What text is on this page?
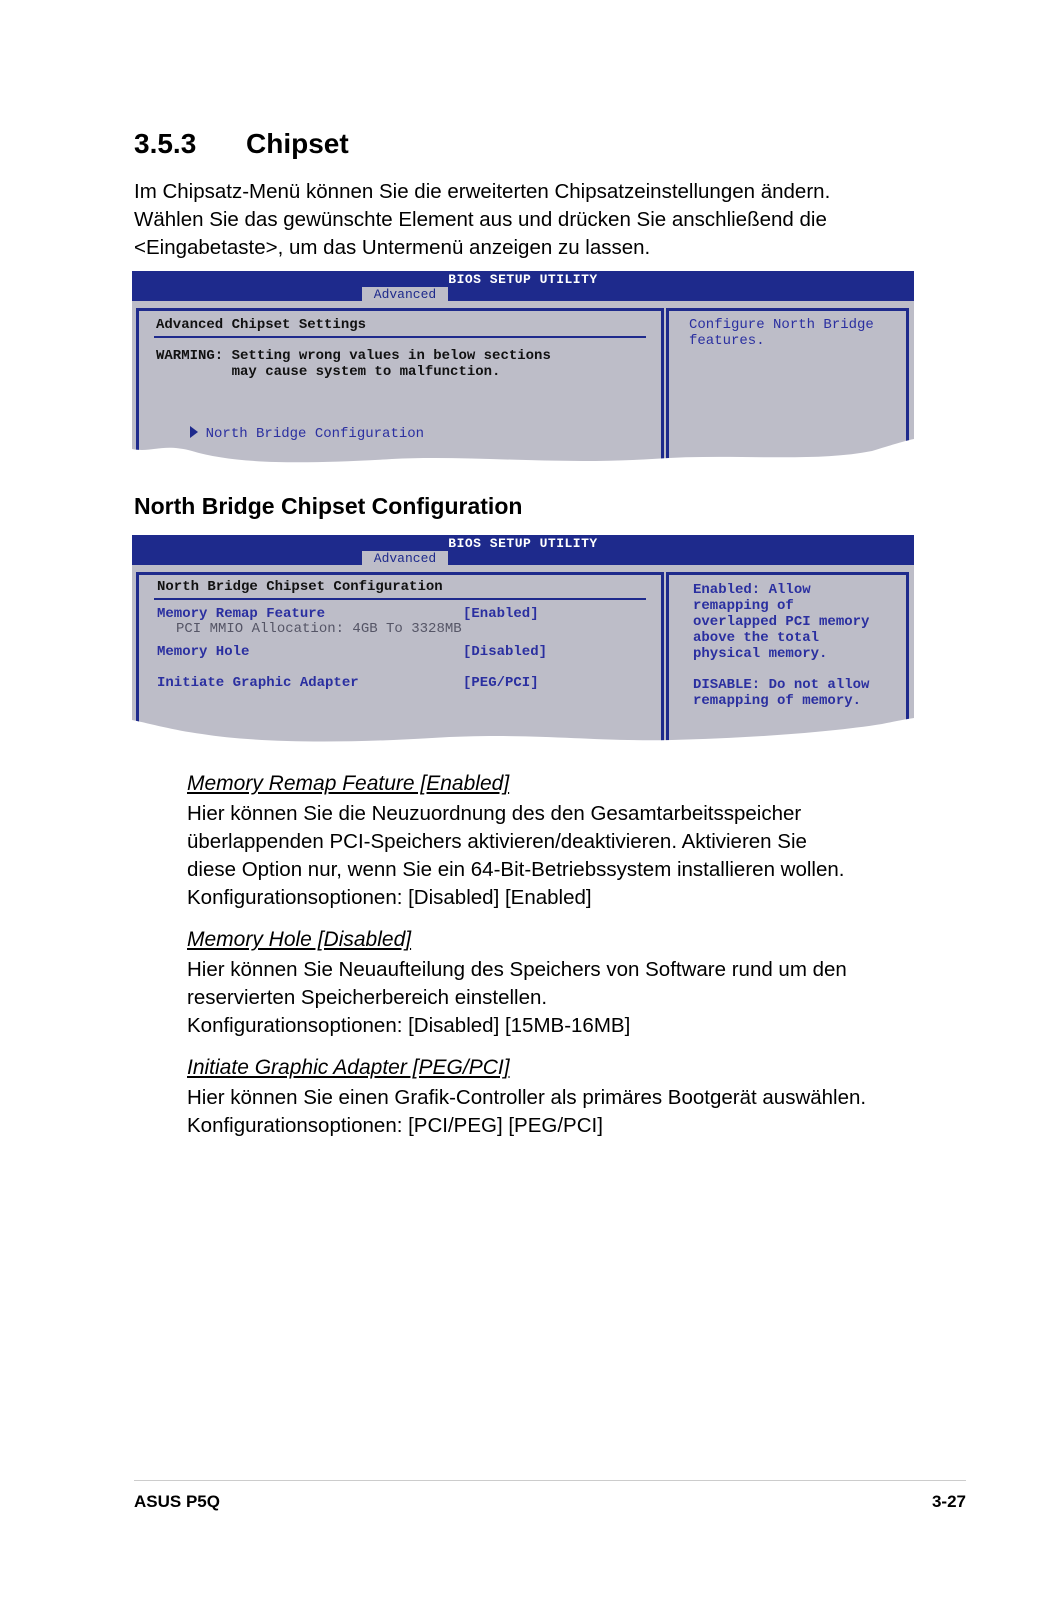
3.5.3 Chipset
Im Chipsatz-Menü können Sie die erweiterten Chipsatzeinstellungen ändern.
Wählen Sie das gewünschte Element aus und drücken Sie anschließend die
<Eingabetaste>, um das Untermenü anzeigen zu lassen.
BIOS SETUP UTILITY
Advanced
Advanced Chipset Settings
WARMING: Setting wrong values in below sections
may cause system to malfunction.

North Bridge Configuration

Configure North Bridge
features.
North Bridge Chipset Configuration
BIOS SETUP UTILITY
Advanced
North Bridge Chipset Configuration
Memory Remap Feature	[Enabled]
PCI MMIO Allocation: 4GB To 3328MB
Memory Hole	[Disabled]
Initiate Graphic Adapter	[PEG/PCI]
Enabled: Allow
remapping of
overlapped PCI memory
above the total
physical memory.
DISABLE: Do not allow
remapping of memory.
Memory Remap Feature [Enabled]
Hier können Sie die Neuzuordnung des den Gesamtarbeitsspeicher
überlappenden PCI-Speichers aktivieren/deaktivieren. Aktivieren Sie
diese Option nur, wenn Sie ein 64-Bit-Betriebssystem installieren wollen.
Konfigurationsoptionen: [Disabled] [Enabled]
Memory Hole [Disabled]
Hier können Sie Neuaufteilung des Speichers von Software rund um den
reservierten Speicherbereich einstellen.
Konfigurationsoptionen: [Disabled] [15MB-16MB]
Initiate Graphic Adapter [PEG/PCI]
Hier können Sie einen Grafik-Controller als primäres Bootgerät auswählen.
Konfigurationsoptionen: [PCI/PEG] [PEG/PCI]
ASUS P5Q	3-27
